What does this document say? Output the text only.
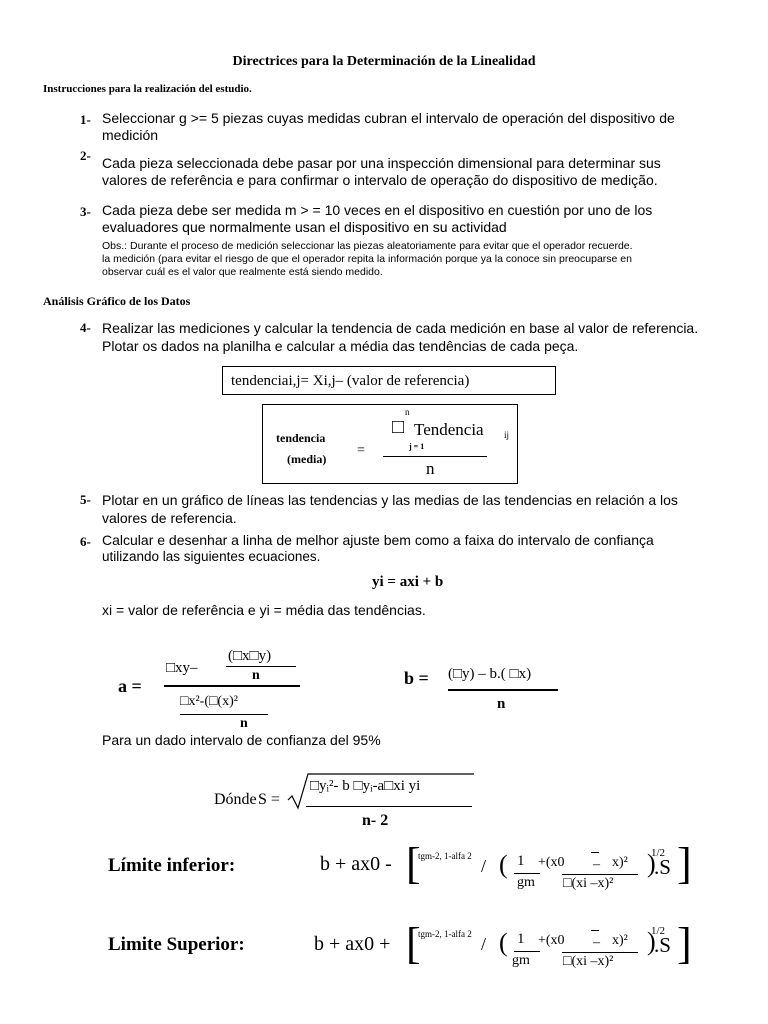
Directrices para la Determinación de la Linealidad
Instrucciones para la realización del estudio.
1- Seleccionar g >= 5 piezas cuyas medidas cubran el intervalo de operación del dispositivo de
medición
2- Cada pieza seleccionada debe pasar por una inspección dimensional para determinar sus
valores de referência e para confirmar o intervalo de operação do dispositivo de medição.
3- Cada pieza debe ser medida m > = 10 veces en el dispositivo en cuestión por uno de los
evaluadores que normalmente usan el dispositivo en su actividad
Obs.: Durante el proceso de medición seleccionar las piezas aleatoriamente para evitar que el operador recuerde.
la medición (para evitar el riesgo de que el operador repita la información porque ya la conoce sin preocuparse en
observar cuál es el valor que realmente está siendo medido.
Análisis Gráfico de los Datos
4- Realizar las mediciones y calcular la tendencia de cada medición en base al valor de referencia.
Plotar os dados na planilha e calcular a média das tendências de cada peça.
tendenciai,j= Xi,j– (valor de referencia)
tendencia
(media)
=
n
□ Tendencia ij
j = 1
n
5- Plotar en un gráfico de líneas las tendencias y las medias de las tendencias en relación a los
valores de referencia.
6- Calcular e desenhar a linha de melhor ajuste bem como a faixa do intervalo de confiança
utilizando las siguientes ecuaciones.
yi = axi + b
xi = valor de referência e yi = média das tendências.
a =
□xy–
(□x□y)
n
□x²-(□(x)²
n
b = (□y) – b.( □x)
n
Para un dado intervalo de confianza del 95%
Dónde S =
□yᵢ²- b □yᵢ-a□xi yi
n- 2
Límite inferior:	b + ax0 - [
tgm-2, 1-alfa 2 / ( 1
gm
+(x0 – x)²
□(xi –x)²
)
1/2
.S ]
Limite Superior:	b + ax0 + [
tgm-2, 1-alfa 2 / ( 1
gm
+(x0 – x)²
□(xi –x)²
)
1/2
.S ]
